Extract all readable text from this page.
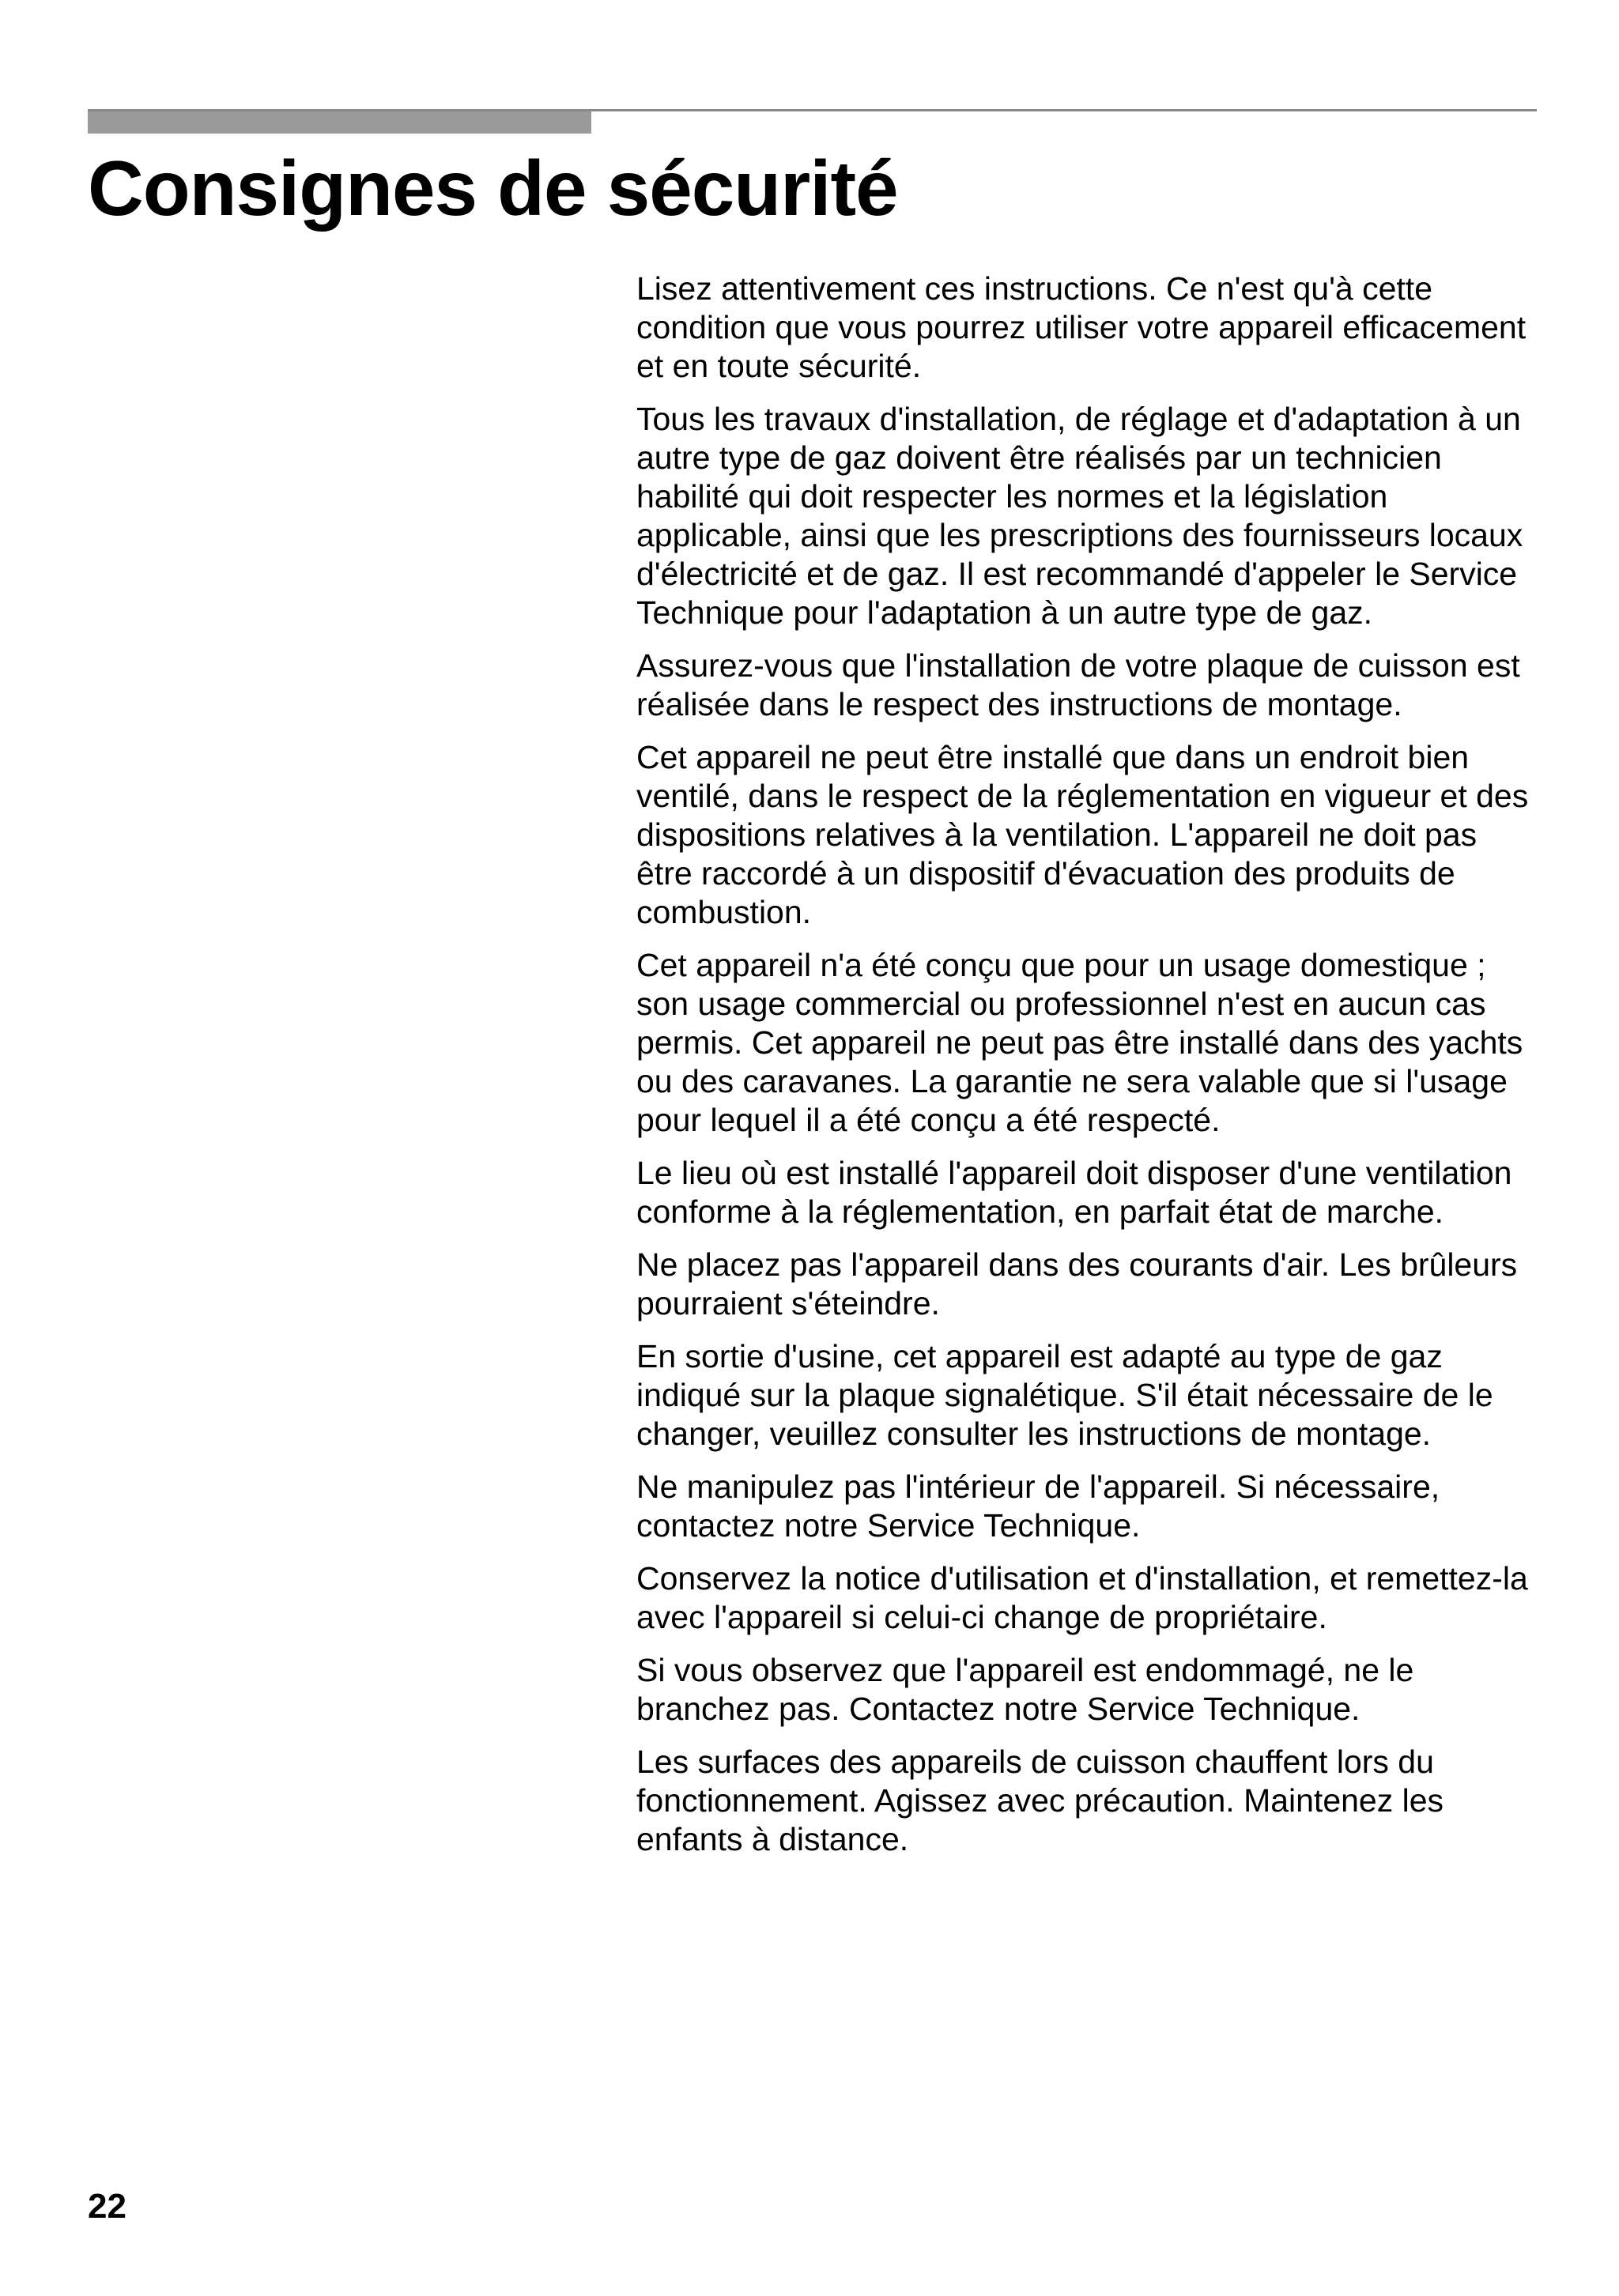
Consignes de sécurité

Lisez attentivement ces instructions. Ce n'est qu'à cette condition que vous pourrez utiliser votre appareil efficacement et en toute sécurité.

Tous les travaux d'installation, de réglage et d'adaptation à un autre type de gaz doivent être réalisés par un technicien habilité qui doit respecter les normes et la législation applicable, ainsi que les prescriptions des fournisseurs locaux d'électricité et de gaz. Il est recommandé d'appeler le Service Technique pour l'adaptation à un autre type de gaz.

Assurez-vous que l'installation de votre plaque de cuisson est réalisée dans le respect des instructions de montage.

Cet appareil ne peut être installé que dans un endroit bien ventilé, dans le respect de la réglementation en vigueur et des dispositions relatives à la ventilation. L'appareil ne doit pas être raccordé à un dispositif d'évacuation des produits de combustion.

Cet appareil n'a été conçu que pour un usage domestique ; son usage commercial ou professionnel n'est en aucun cas permis. Cet appareil ne peut pas être installé dans des yachts ou des caravanes. La garantie ne sera valable que si l'usage pour lequel il a été conçu a été respecté.

Le lieu où est installé l'appareil doit disposer d'une ventilation conforme à la réglementation, en parfait état de marche.

Ne placez pas l'appareil dans des courants d'air. Les brûleurs pourraient s'éteindre.

En sortie d'usine, cet appareil est adapté au type de gaz indiqué sur la plaque signalétique. S'il était nécessaire de le changer, veuillez consulter les instructions de montage.

Ne manipulez pas l'intérieur de l'appareil. Si nécessaire, contactez notre Service Technique.

Conservez la notice d'utilisation et d'installation, et remettez-la avec l'appareil si celui-ci change de propriétaire.

Si vous observez que l'appareil est endommagé, ne le branchez pas. Contactez notre Service Technique.

Les surfaces des appareils de cuisson chauffent lors du fonctionnement. Agissez avec précaution. Maintenez les enfants à distance.

22
